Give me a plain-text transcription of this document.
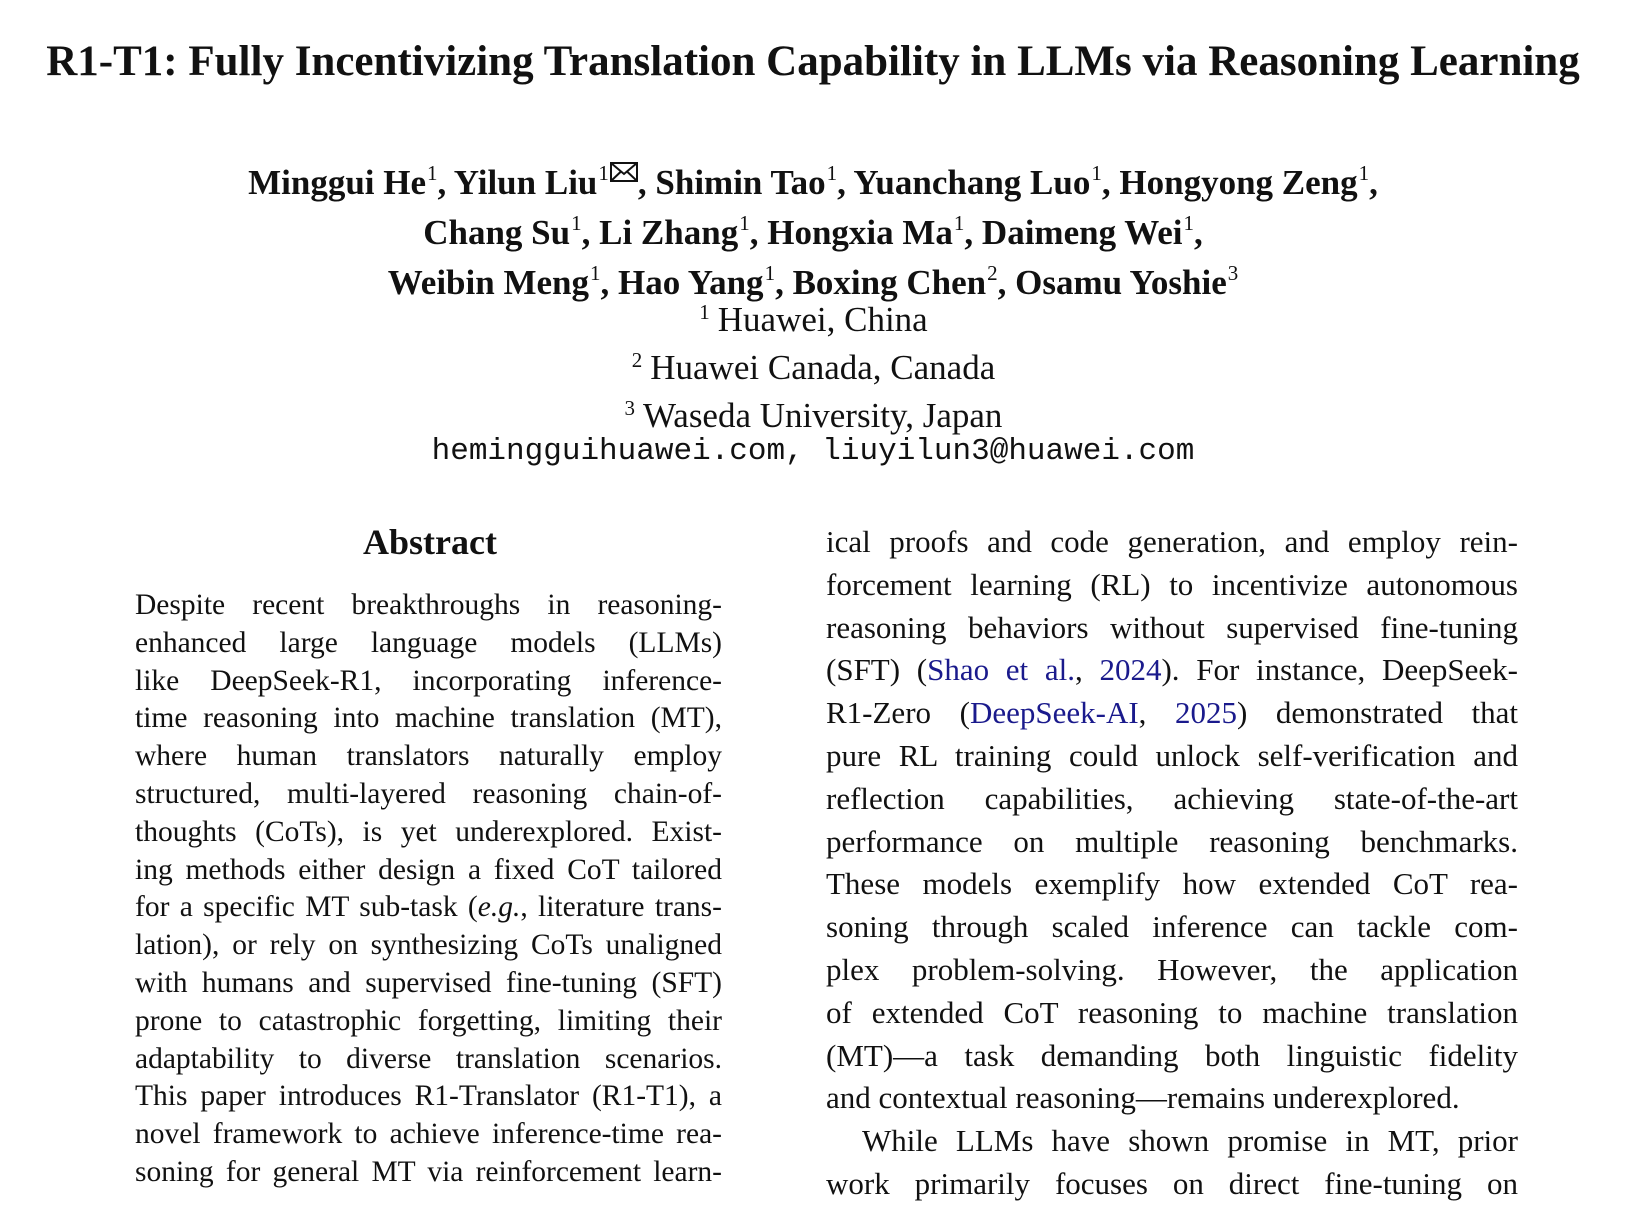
R1-T1: Fully Incentivizing Translation Capability in LLMs via Reasoning Learning
Minggui He$^1$, Yilun Liu$^1$ , Shimin Tao$^1$, Yuanchang Luo$^1$, Hongyong Zeng$^1$,
Chang Su$^1$, Li Zhang$^1$, Hongxia Ma$^1$, Daimeng Wei$^1$,
Weibin Meng$^1$, Hao Yang$^1$, Boxing Chen$^2$, Osamu Yoshie$^3$
$^1$ Huawei, China
$^2$ Huawei Canada, Canada
$^3$ Waseda University, Japan
hemingguihuawei.com, liuyilun3@huawei.com
Abstract
Despite recent breakthroughs in reasoning-
enhanced large language models (LLMs)
like DeepSeek-R1, incorporating inference-
time reasoning into machine translation (MT),
where human translators naturally employ
structured, multi-layered reasoning chain-of-
thoughts (CoTs), is yet underexplored. Exist-
ing methods either design a fixed CoT tailored
for a specific MT sub-task (e.g., literature trans-
lation), or rely on synthesizing CoTs unaligned
with humans and supervised fine-tuning (SFT)
prone to catastrophic forgetting, limiting their
adaptability to diverse translation scenarios.
This paper introduces R1-Translator (R1-T1), a
novel framework to achieve inference-time rea-
soning for general MT via reinforcement learn-
ical proofs and code generation, and employ rein-
forcement learning (RL) to incentivize autonomous
reasoning behaviors without supervised fine-tuning
(SFT) (Shao et al., 2024). For instance, DeepSeek-
R1-Zero (DeepSeek-AI, 2025) demonstrated that
pure RL training could unlock self-verification and
reflection capabilities, achieving state-of-the-art
performance on multiple reasoning benchmarks.
These models exemplify how extended CoT rea-
soning through scaled inference can tackle com-
plex problem-solving. However, the application
of extended CoT reasoning to machine translation
(MT)—a task demanding both linguistic fidelity
and contextual reasoning—remains underexplored.
While LLMs have shown promise in MT, prior
work primarily focuses on direct fine-tuning on
